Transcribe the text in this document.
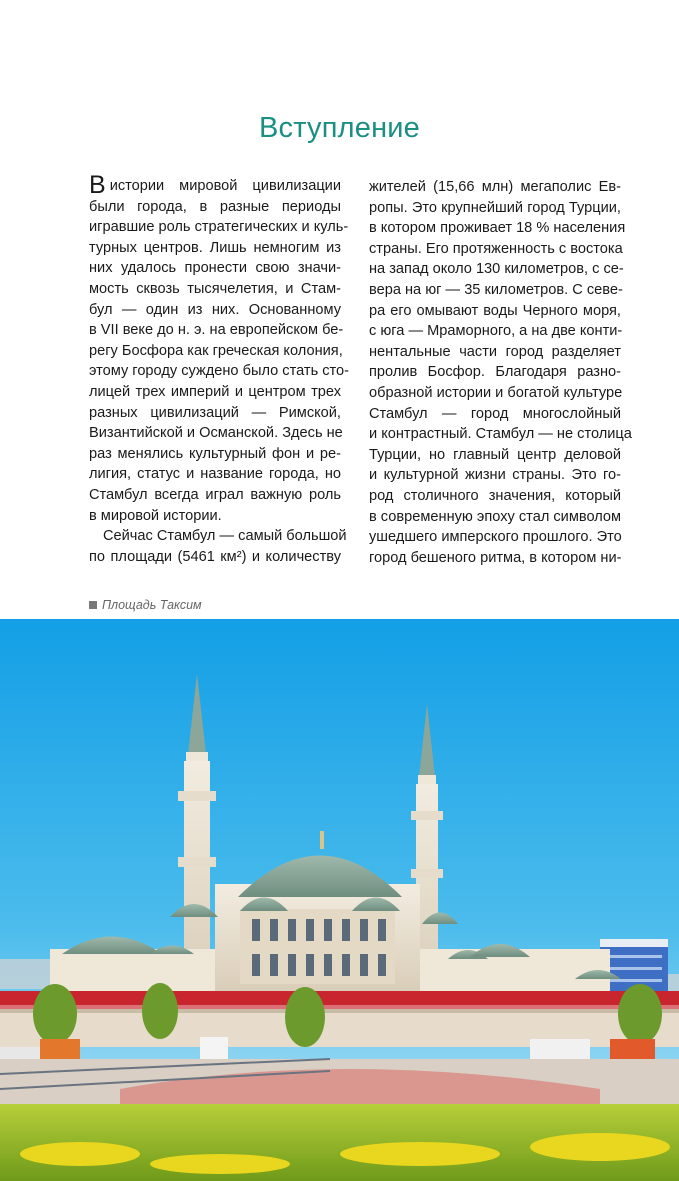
Вступление
Вистории мировой цивилизации
были города, в разные периоды
игравшие роль стратегических и куль-
турных центров. Лишь немногим из
них удалось пронести свою значи-
мость сквозь тысячелетия, и Стам-
бул — один из них. Основанному
в VII веке до н. э. на европейском бе-
регу Босфора как греческая колония,
этому городу суждено было стать сто-
лицей трех империй и центром трех
разных цивилизаций — Римской,
Византийской и Османской. Здесь не
раз менялись культурный фон и ре-
лигия, статус и название города, но
Стамбул всегда играл важную роль
в мировой истории.
Сейчас Стамбул — самый большой
по площади (5461 км²) и количеству
жителей (15,66 млн) мегаполис Ев-
ропы. Это крупнейший город Турции,
в котором проживает 18 % населения
страны. Его протяженность с востока
на запад около 130 километров, с се-
вера на юг — 35 километров. С севе-
ра его омывают воды Черного моря,
с юга — Мраморного, а на две конти-
нентальные части город разделяет
пролив Босфор. Благодаря разно-
образной истории и богатой культуре
Стамбул — город многослойный
и контрастный. Стамбул — не столица
Турции, но главный центр деловой
и культурной жизни страны. Это го-
род столичного значения, который
в современную эпоху стал символом
ушедшего имперского прошлого. Это
город бешеного ритма, в котором ни-
Площадь Таксим
